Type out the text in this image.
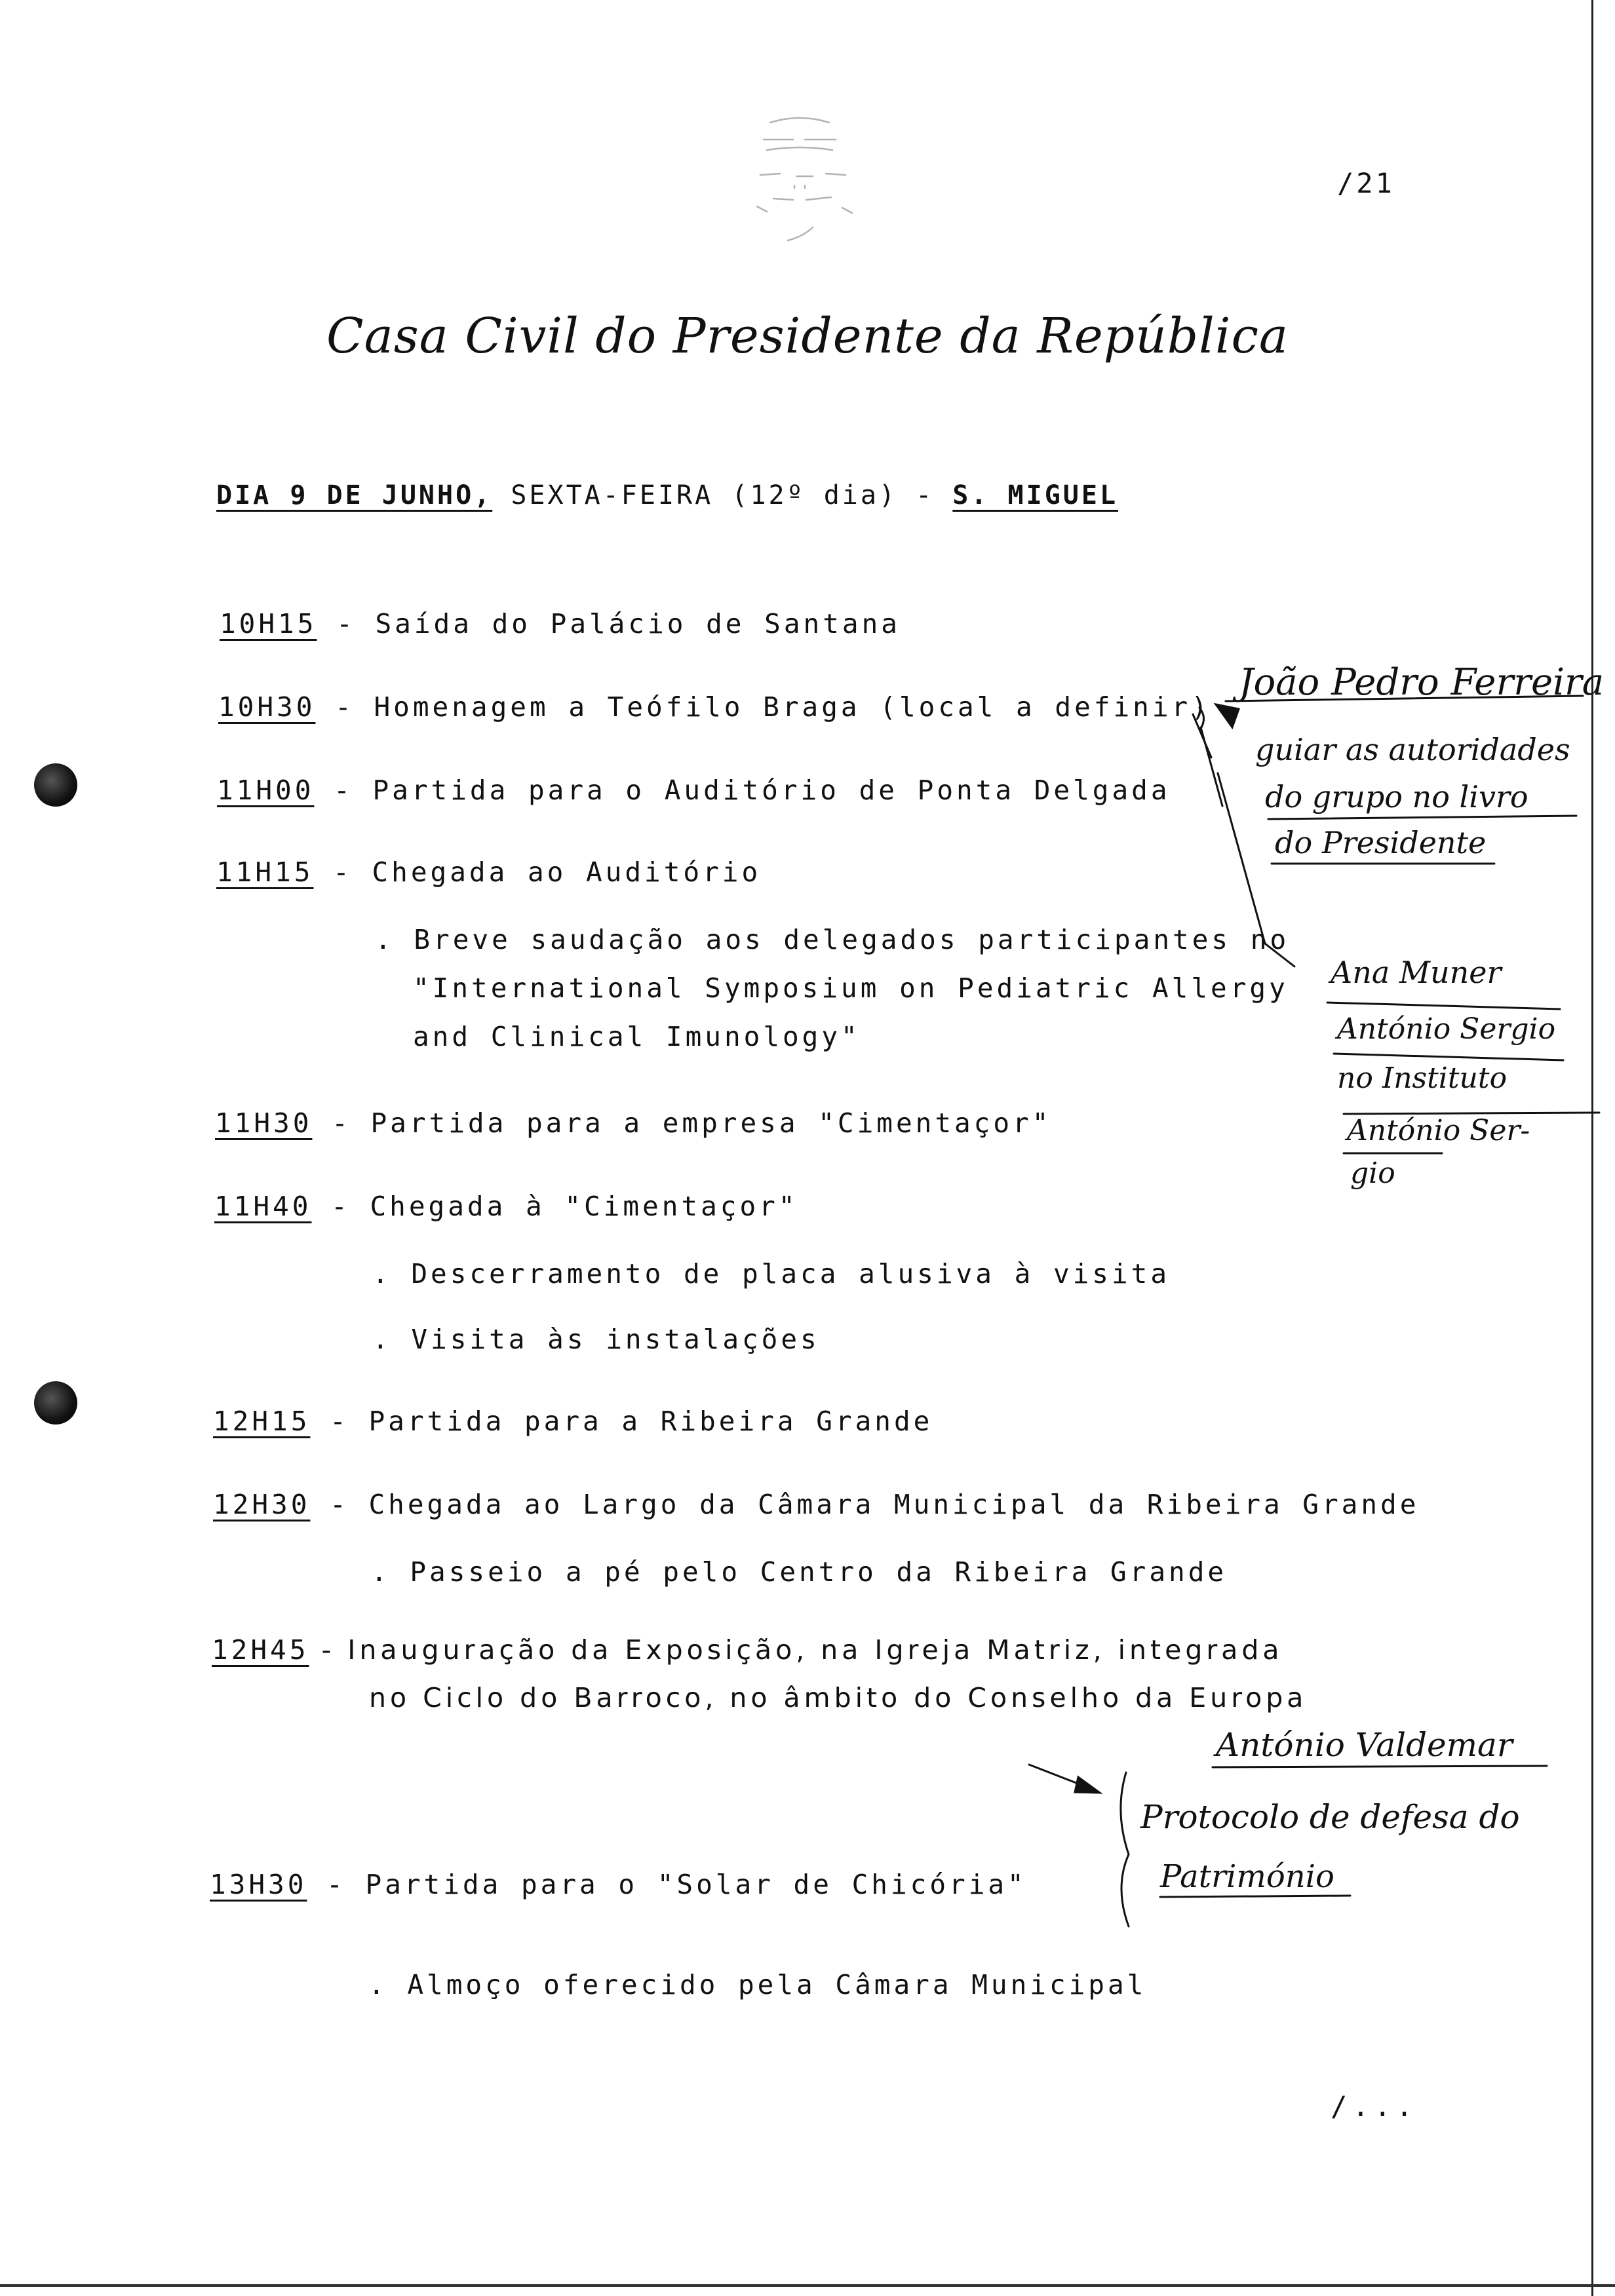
/21
Casa Civil do Presidente da República
DIA 9 DE JUNHO, SEXTA-FEIRA (12º dia) - S. MIGUEL
10H15 - Saída do Palácio de Santana
10H30 - Homenagem a Teófilo Braga (local a definir)
11H00 - Partida para o Auditório de Ponta Delgada
11H15 - Chegada ao Auditório
. Breve saudação aos delegados participantes no
"International Symposium on Pediatric Allergy
and Clinical Imunology"
11H30 - Partida para a empresa "Cimentaçor"
11H40 - Chegada à "Cimentaçor"
. Descerramento de placa alusiva à visita
. Visita às instalações
12H15 - Partida para a Ribeira Grande
12H30 - Chegada ao Largo da Câmara Municipal da Ribeira Grande
. Passeio a pé pelo Centro da Ribeira Grande
12H45 - Inauguração da Exposição, na Igreja Matriz, integrada
no Ciclo do Barroco, no âmbito do Conselho da Europa
13H30 - Partida para o "Solar de Chicória"
. Almoço oferecido pela Câmara Municipal
/...
João Pedro Ferreira
guiar as autoridades
do grupo no livro
do Presidente
Ana Muner
António Sergio
no Instituto
António Ser-
gio
António Valdemar
Protocolo de defesa do
Património
